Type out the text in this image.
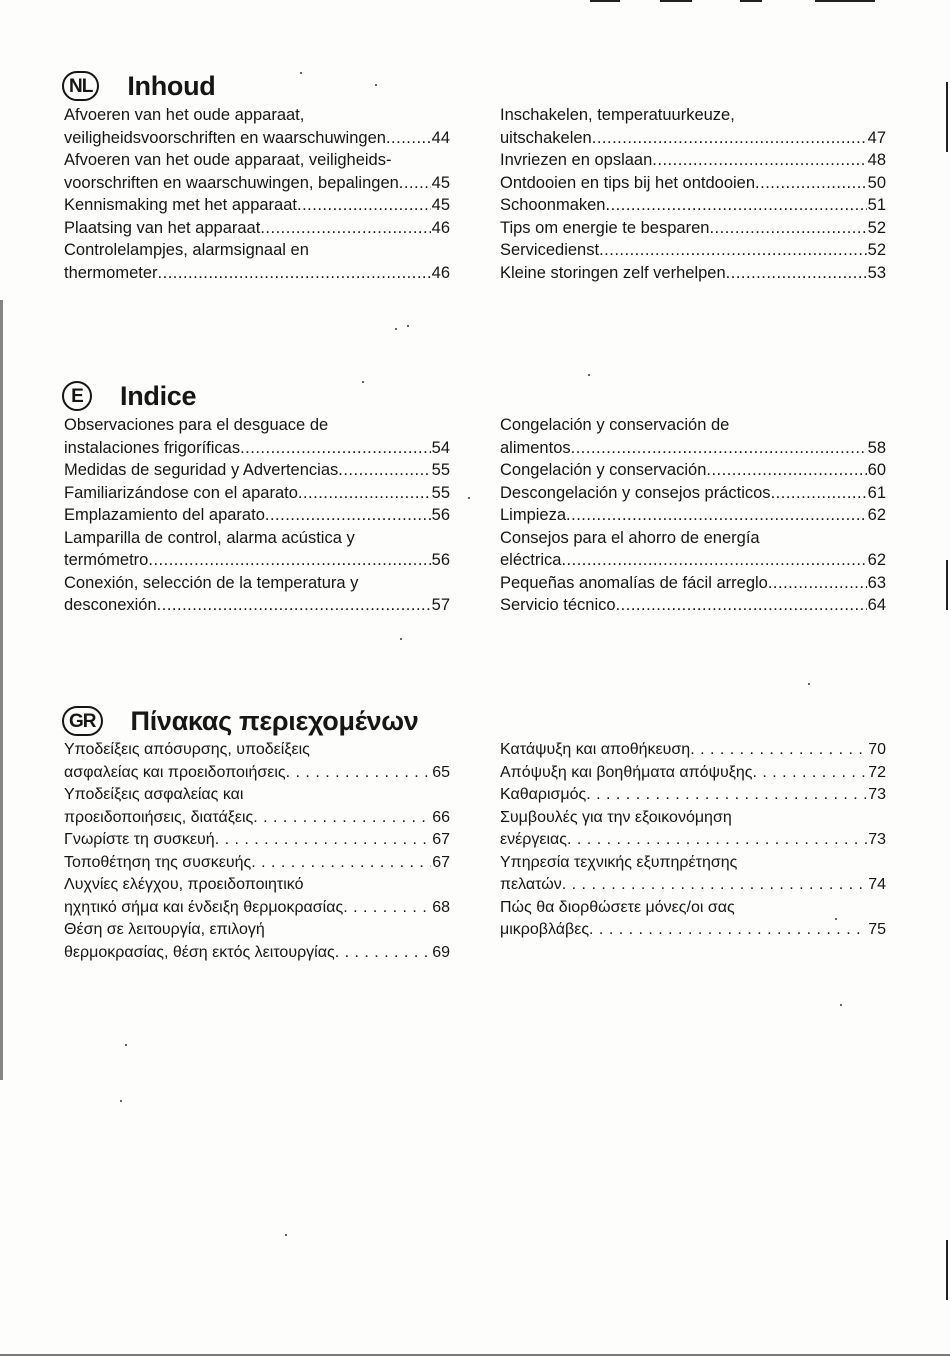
NL Inhoud
Afvoeren van het oude apparaat,
veiligheidsvoorschriften en waarschuwingen .....	44
Afvoeren van het oude apparaat, veiligheids-
voorschriften en waarschuwingen, bepalingen ..... 45
Kennismaking met het apparaat .....	45
Plaatsing van het apparaat .....	46
Controlelampjes, alarmsignaal en
thermometer .....	46
Inschakelen, temperatuurkeuze,
uitschakelen .....	47
Invriezen en opslaan .....	48
Ontdooien en tips bij het ontdooien .....	50
Schoonmaken .....	51
Tips om energie te besparen .....	52
Servicedienst .....	52
Kleine storingen zelf verhelpen .....	53
E	Indice
Observaciones para el desguace de
instalaciones frigoríficas .....	54
Medidas de seguridad y Advertencias .....	55
Familiarizándose con el aparato .....	55
Emplazamiento del aparato .....	56
Lamparilla de control, alarma acústica y
termómetro .....	56
Conexión, selección de la temperatura y
desconexión .....	57
Congelación y conservación de
alimentos .....	58
Congelación y conservación .....	60
Descongelación y consejos prácticos .....	61
Limpieza .....	62
Consejos para el ahorro de energía
eléctrica .....	62
Pequeñas anomalías de fácil arreglo .....	63
Servicio técnico .....	64
GR Πίνακας περιεχομένων
Υποδείξεις απόσυρσης, υποδείξεις
ασφαλείας και προειδοποιήσεις . . .	65
Υποδείξεις ασφαλείας και
προειδοποιήσεις, διατάξεις . . .	66
Γνωρίστε τη συσκευή . . .	67
Τοποθέτηση της συσκευής . . .	67
Λυχνίες ελέγχου, προειδοποιητικό
ηχητικό σήμα και ένδειξη θερμοκρασίας . . .	68
Θέση σε λειτουργία, επιλογή
θερμοκρασίας, θέση εκτός λειτουργίας . . .	69
Κατάψυξη και αποθήκευση . . .	70
Απόψυξη και βοηθήματα απόψυξης . . .	72
Καθαρισμός . . .	73
Συμβουλές για την εξοικονόμηση
ενέργειας . . .	73
Υπηρεσία τεχνικής εξυπηρέτησης
πελατών . . .	74
Πώς θα διορθώσετε μόνες/οι σας
μικροβλάβες . . .	75
